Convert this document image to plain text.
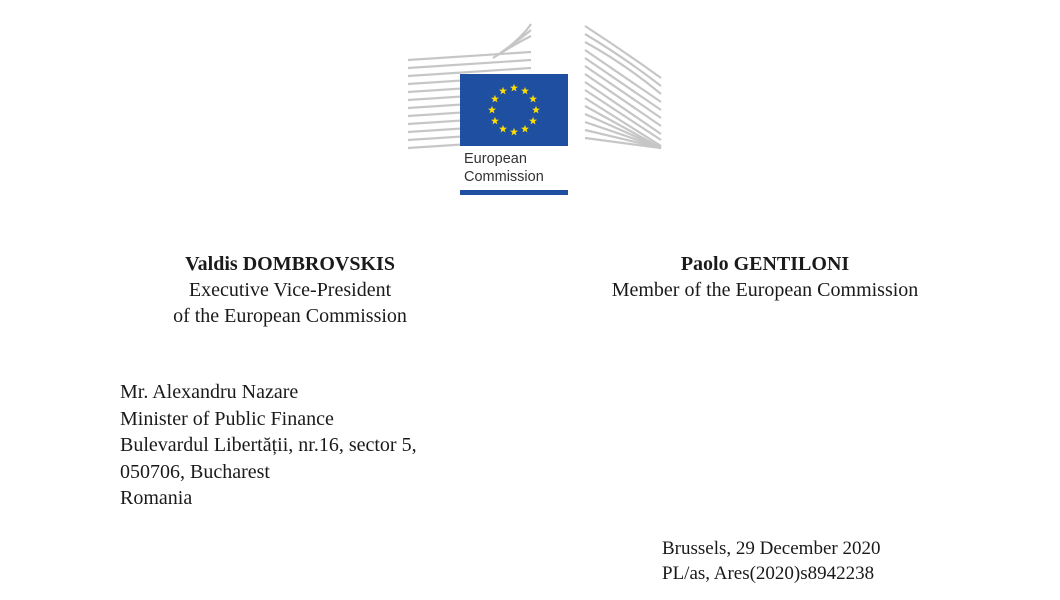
European
Commission
Valdis DOMBROVSKIS
Executive Vice-President
of the European Commission
Paolo GENTILONI
Member of the European Commission
Mr. Alexandru Nazare
Minister of Public Finance
Bulevardul Libertății, nr.16, sector 5,
050706, Bucharest
Romania
Brussels, 29 December 2020
PL/as, Ares(2020)s8942238
